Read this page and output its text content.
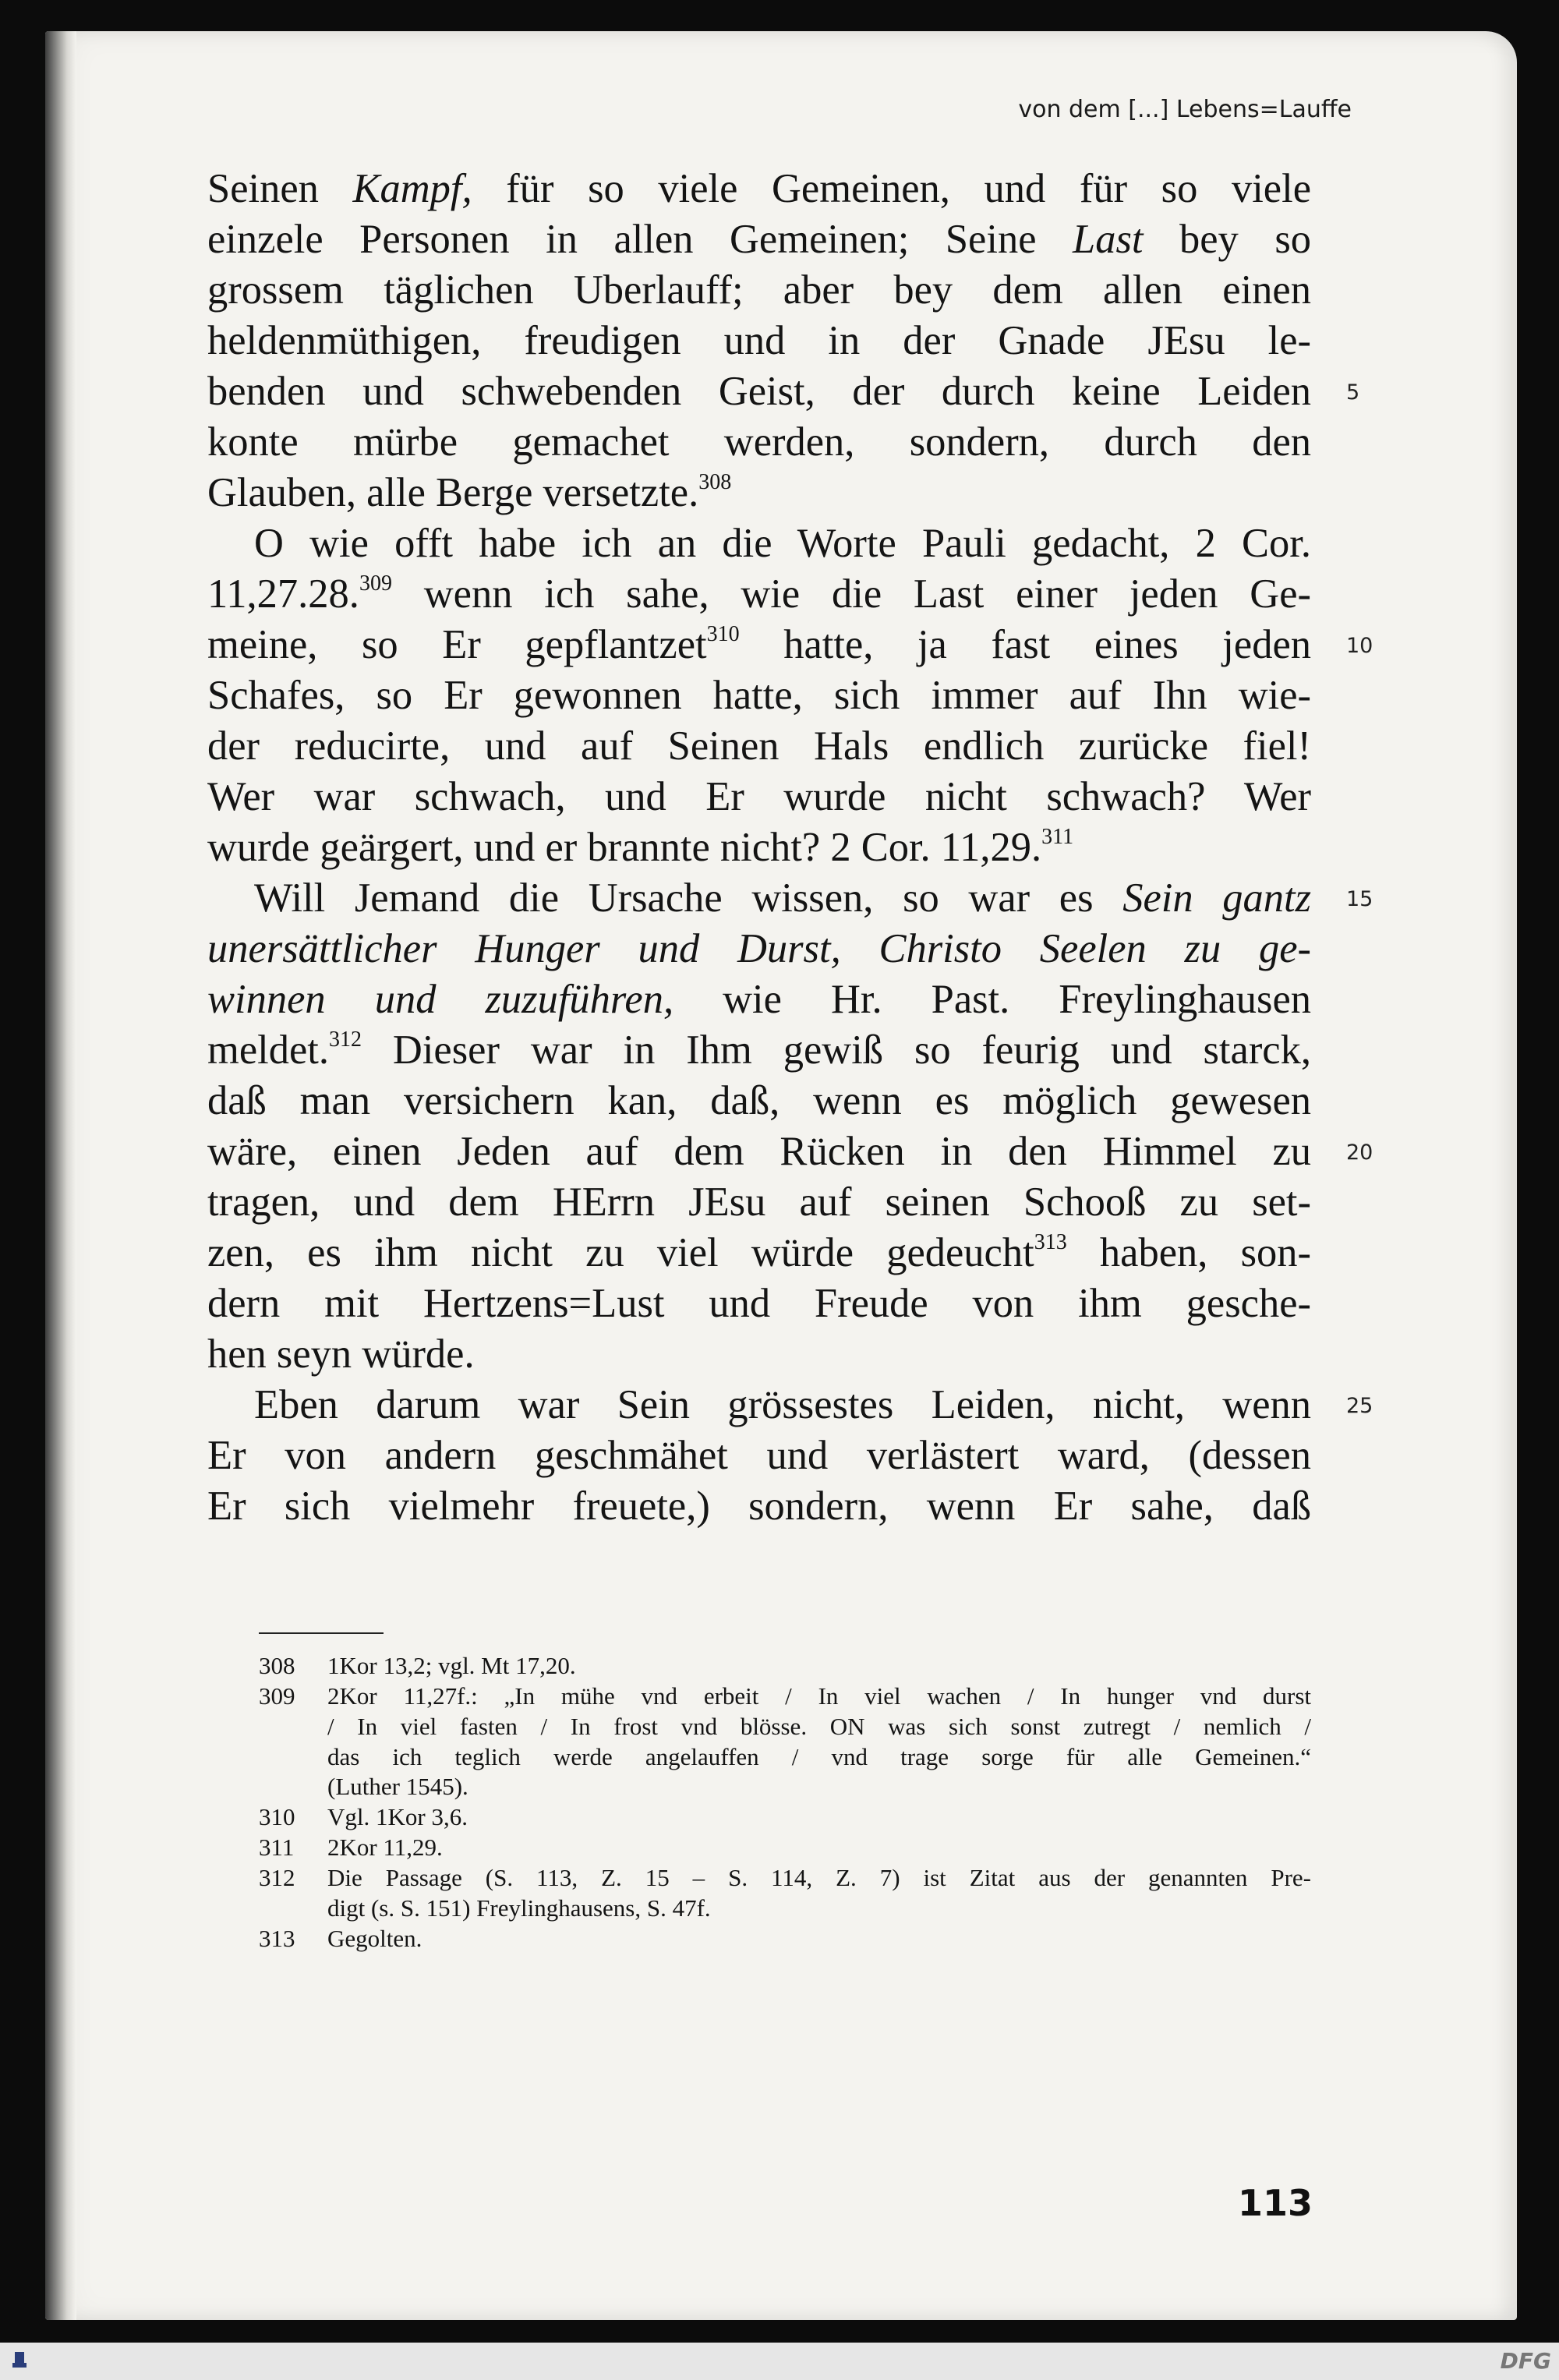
von dem [...] Lebens=Lauffe
Seinen Kampf, für so viele Gemeinen, und für so viele
einzele Personen in allen Gemeinen; Seine Last bey so
grossem täglichen Uberlauff; aber bey dem allen einen
heldenmüthigen, freudigen und in der Gnade JEsu le-
benden und schwebenden Geist, der durch keine Leiden
konte mürbe gemachet werden, sondern, durch den
Glauben, alle Berge versetzte.$^{308}$
O wie offt habe ich an die Worte Pauli gedacht, 2 Cor.
11,27.28.$^{309}$ wenn ich sahe, wie die Last einer jeden Ge-
meine, so Er gepflantzet$^{310}$ hatte, ja fast eines jeden
Schafes, so Er gewonnen hatte, sich immer auf Ihn wie-
der reducirte, und auf Seinen Hals endlich zurücke fiel!
Wer war schwach, und Er wurde nicht schwach? Wer
wurde geärgert, und er brannte nicht? 2 Cor. 11,29.$^{311}$
Will Jemand die Ursache wissen, so war es Sein gantz
unersättlicher Hunger und Durst, Christo Seelen zu ge-
winnen und zuzuführen, wie Hr. Past. Freylinghausen
meldet.$^{312}$ Dieser war in Ihm gewiß so feurig und starck,
daß man versichern kan, daß, wenn es möglich gewesen
wäre, einen Jeden auf dem Rücken in den Himmel zu
tragen, und dem HErrn JEsu auf seinen Schooß zu set-
zen, es ihm nicht zu viel würde gedeucht$^{313}$ haben, son-
dern mit Hertzens=Lust und Freude von ihm gesche-
hen seyn würde.
Eben darum war Sein grössestes Leiden, nicht, wenn
Er von andern geschmähet und verlästert ward, (dessen
Er sich vielmehr freuete,) sondern, wenn Er sahe, daß
5
10
15
20
25
308	1Kor 13,2; vgl. Mt 17,20.
309	2Kor 11,27f.: „In mühe vnd erbeit / In viel wachen / In hunger vnd durst
/ In viel fasten / In frost vnd blösse. ON was sich sonst zutregt / nemlich /
das ich teglich werde angelauffen / vnd trage sorge für alle Gemeinen.“
(Luther 1545).
310	Vgl. 1Kor 3,6.
311	2Kor 11,29.
312	Die Passage (S. 113, Z. 15 – S. 114, Z. 7) ist Zitat aus der genannten Pre-
digt (s. S. 151) Freylinghausens, S. 47f.
313	Gegolten.
113
DFG
